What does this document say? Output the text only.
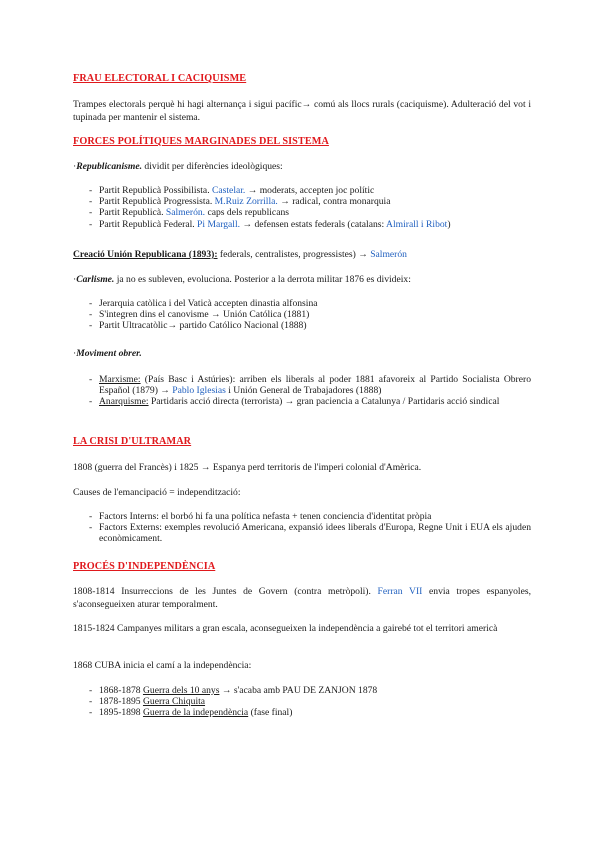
FRAU ELECTORAL I CACIQUISME
Trampes electorals perquè hi hagi alternança i sigui pacífic→ comú als llocs rurals (caciquisme). Adulteració del vot i tupinada per mantenir el sistema.
FORCES POLÍTIQUES MARGINADES DEL SISTEMA
·Republicanisme. dividit per diferències ideològiques:
- Partit Republicà Possibilista. Castelar. → moderats, accepten joc polític
- Partit Republicà Progressista. M.Ruiz Zorrilla. → radical, contra monarquia
- Partit Republicà. Salmerón. caps dels republicans
- Partit Republicà Federal. Pi Margall. → defensen estats federals (catalans: Almirall i Ribot)
Creació Unión Republicana (1893): federals, centralistes, progressistes) → Salmerón
·Carlisme. ja no es subleven, evoluciona. Posterior a la derrota militar 1876 es divideix:
- Jerarquia catòlica i del Vaticà accepten dinastia alfonsina
- S'integren dins el canovisme → Unión Católica (1881)
- Partit Ultracatòlic→ partido Católico Nacional (1888)
·Moviment obrer.
- Marxisme: (País Basc i Astúries): arriben els liberals al poder 1881 afavoreix al Partido Socialista Obrero Español (1879) → Pablo Iglesias i Unión General de Trabajadores (1888)
- Anarquisme: Partidaris acció directa (terrorista) → gran paciencia a Catalunya / Partidaris acció sindical
LA CRISI D'ULTRAMAR
1808 (guerra del Francès) i 1825 → Espanya perd territoris de l'imperi colonial d'Amèrica.
Causes de l'emancipació = independització:
- Factors Interns: el borbó hi fa una política nefasta + tenen conciencia d'identitat pròpia
- Factors Externs: exemples revolució Americana, expansió idees liberals d'Europa, Regne Unit i EUA els ajuden econòmicament.
PROCÉS D'INDEPENDÈNCIA
1808-1814 Insurreccions de les Juntes de Govern (contra metròpoli). Ferran VII envia tropes espanyoles, s'aconsegueixen aturar temporalment.
1815-1824 Campanyes militars a gran escala, aconsegueixen la independència a gairebé tot el territori americà
1868 CUBA inicia el camí a la independència:
- 1868-1878 Guerra dels 10 anys → s'acaba amb PAU DE ZANJON 1878
- 1878-1895 Guerra Chiquita
- 1895-1898 Guerra de la independència (fase final)
